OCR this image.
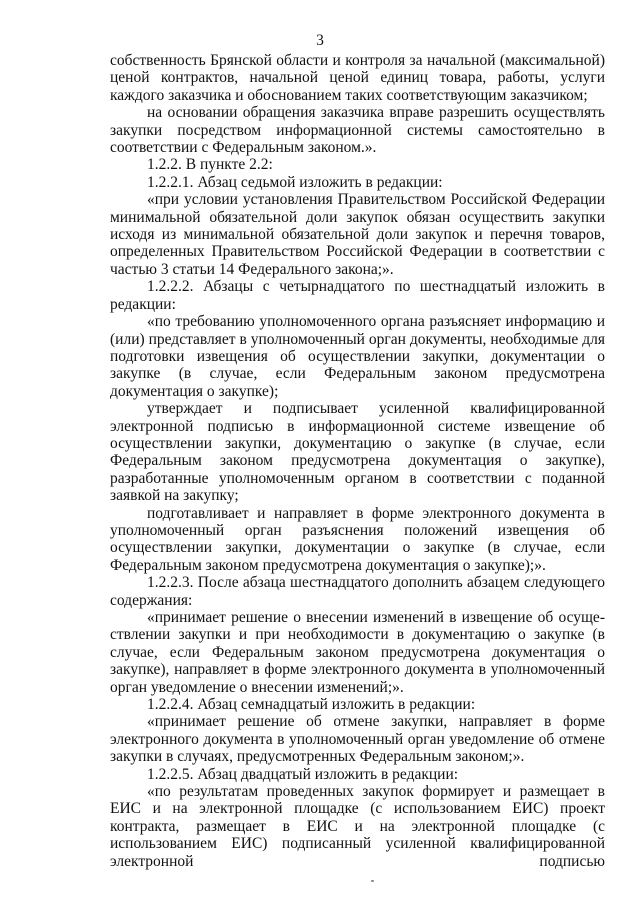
3

собственность Брянской области и контроля за начальной (максимальной) ценой контрактов, начальной ценой единиц товара, работы, услуги каждого заказчика и обоснованием таких соответствующим заказчиком;

на основании обращения заказчика вправе разрешить осуществлять закупки посредством информационной системы самостоятельно в соответствии с Федеральным законом.».

1.2.2. В пункте 2.2:

1.2.2.1. Абзац седьмой изложить в редакции:

«при условии установления Правительством Российской Федерации минимальной обязательной доли закупок обязан осуществить закупки исходя из минимальной обязательной доли закупок и перечня товаров, определенных Правительством Российской Федерации в соответствии с частью 3 статьи 14 Федерального закона;».

1.2.2.2. Абзацы с четырнадцатого по шестнадцатый изложить в редакции:

«по требованию уполномоченного органа разъясняет информацию и (или) представляет в уполномоченный орган документы, необходимые для подготовки извещения об осуществлении закупки, документации о закупке (в случае, если Федеральным законом предусмотрена документация о закупке);

утверждает и подписывает усиленной квалифицированной электронной подписью в информационной системе извещение об осуществлении закупки, документацию о закупке (в случае, если Федеральным законом предусмотрена документация о закупке), разработанные уполномоченным органом в соответствии с поданной заявкой на закупку;

подготавливает и направляет в форме электронного документа в уполномоченный орган разъяснения положений извещения об осуществлении закупки, документации о закупке (в случае, если Федеральным законом предусмотрена документация о закупке);».

1.2.2.3. После абзаца шестнадцатого дополнить абзацем следующего содержания:

«принимает решение о внесении изменений в извещение об осуществлении закупки и при необходимости в документацию о закупке (в случае, если Федеральным законом предусмотрена документация о закупке), направляет в форме электронного документа в уполномоченный орган уведомление о внесении изменений;».

1.2.2.4. Абзац семнадцатый изложить в редакции:

«принимает решение об отмене закупки, направляет в форме электронного документа в уполномоченный орган уведомление об отмене закупки в случаях, предусмотренных Федеральным законом;».

1.2.2.5. Абзац двадцатый изложить в редакции:

«по результатам проведенных закупок формирует и размещает в ЕИС и на электронной площадке (с использованием ЕИС) проект контракта, размещает в ЕИС и на электронной площадке (с использованием ЕИС) подписанный усиленной квалифицированной электронной подписью
